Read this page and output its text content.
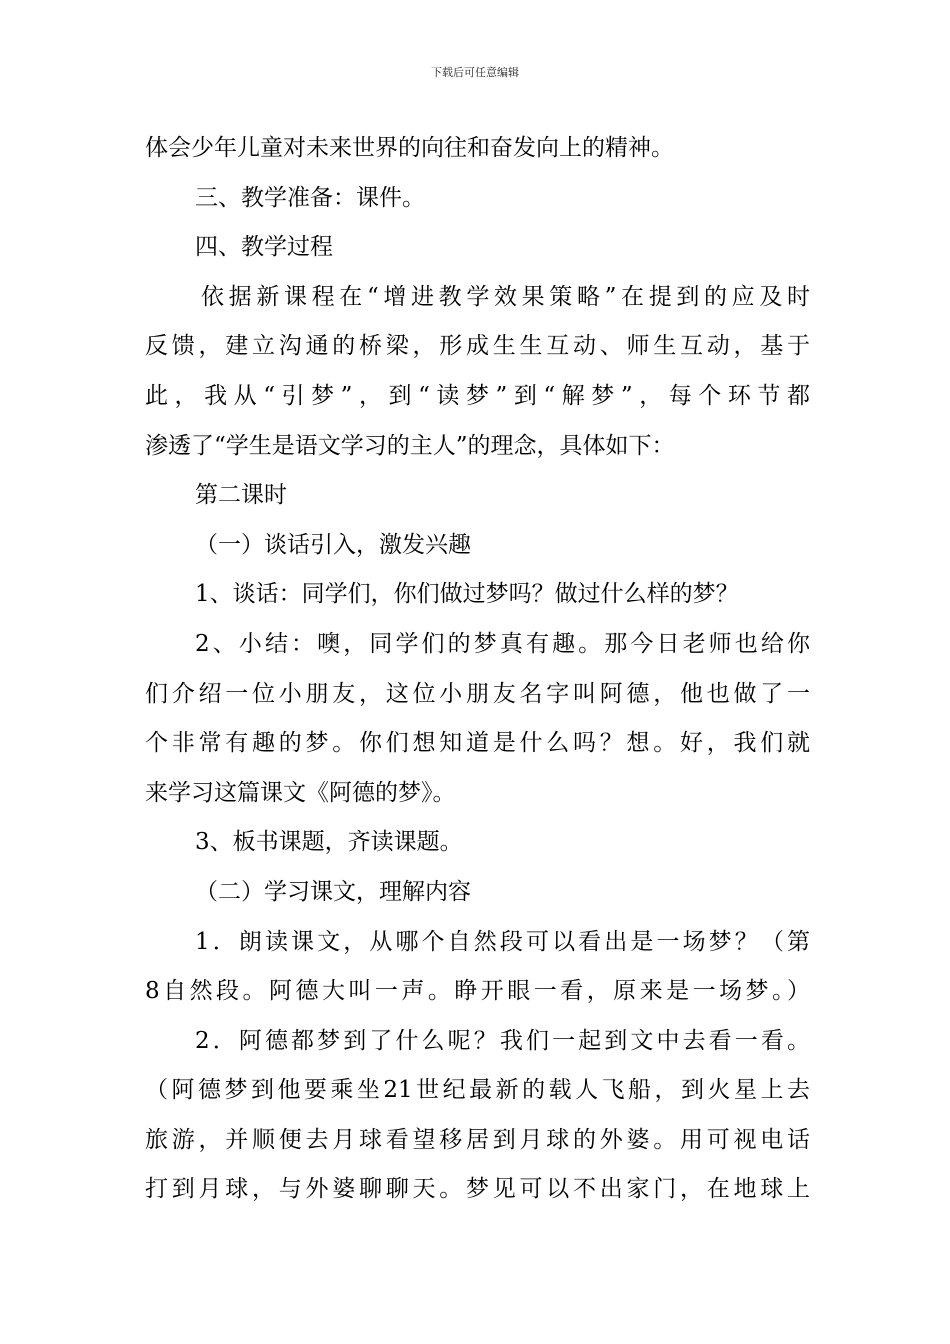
下载后可任意编辑
体会少年儿童对未来世界的向往和奋发向上的精神。
三、教学准备：课件。
四、教学过程
依据新课程在“增进教学效果策略”在提到的应及时
反馈，建立沟通的桥梁，形成生生互动、师生互动，基于
此，我从“引梦”，到“读梦”到“解梦”，每个环节都
渗透了“学生是语文学习的主人”的理念，具体如下：
第二课时
（一）谈话引入，激发兴趣
1、谈话：同学们，你们做过梦吗？做过什么样的梦？
2、小结：噢，同学们的梦真有趣。那今日老师也给你
们介绍一位小朋友，这位小朋友名字叫阿德，他也做了一
个非常有趣的梦。你们想知道是什么吗？想。好，我们就
来学习这篇课文《阿德的梦》。
3、板书课题，齐读课题。
（二）学习课文，理解内容
1．朗读课文，从哪个自然段可以看出是一场梦？（第
8自然段。阿德大叫一声。睁开眼一看，原来是一场梦。）
2．阿德都梦到了什么呢？我们一起到文中去看一看。
（阿德梦到他要乘坐21世纪最新的载人飞船，到火星上去
旅游，并顺便去月球看望移居到月球的外婆。用可视电话
打到月球，与外婆聊聊天。梦见可以不出家门，在地球上
